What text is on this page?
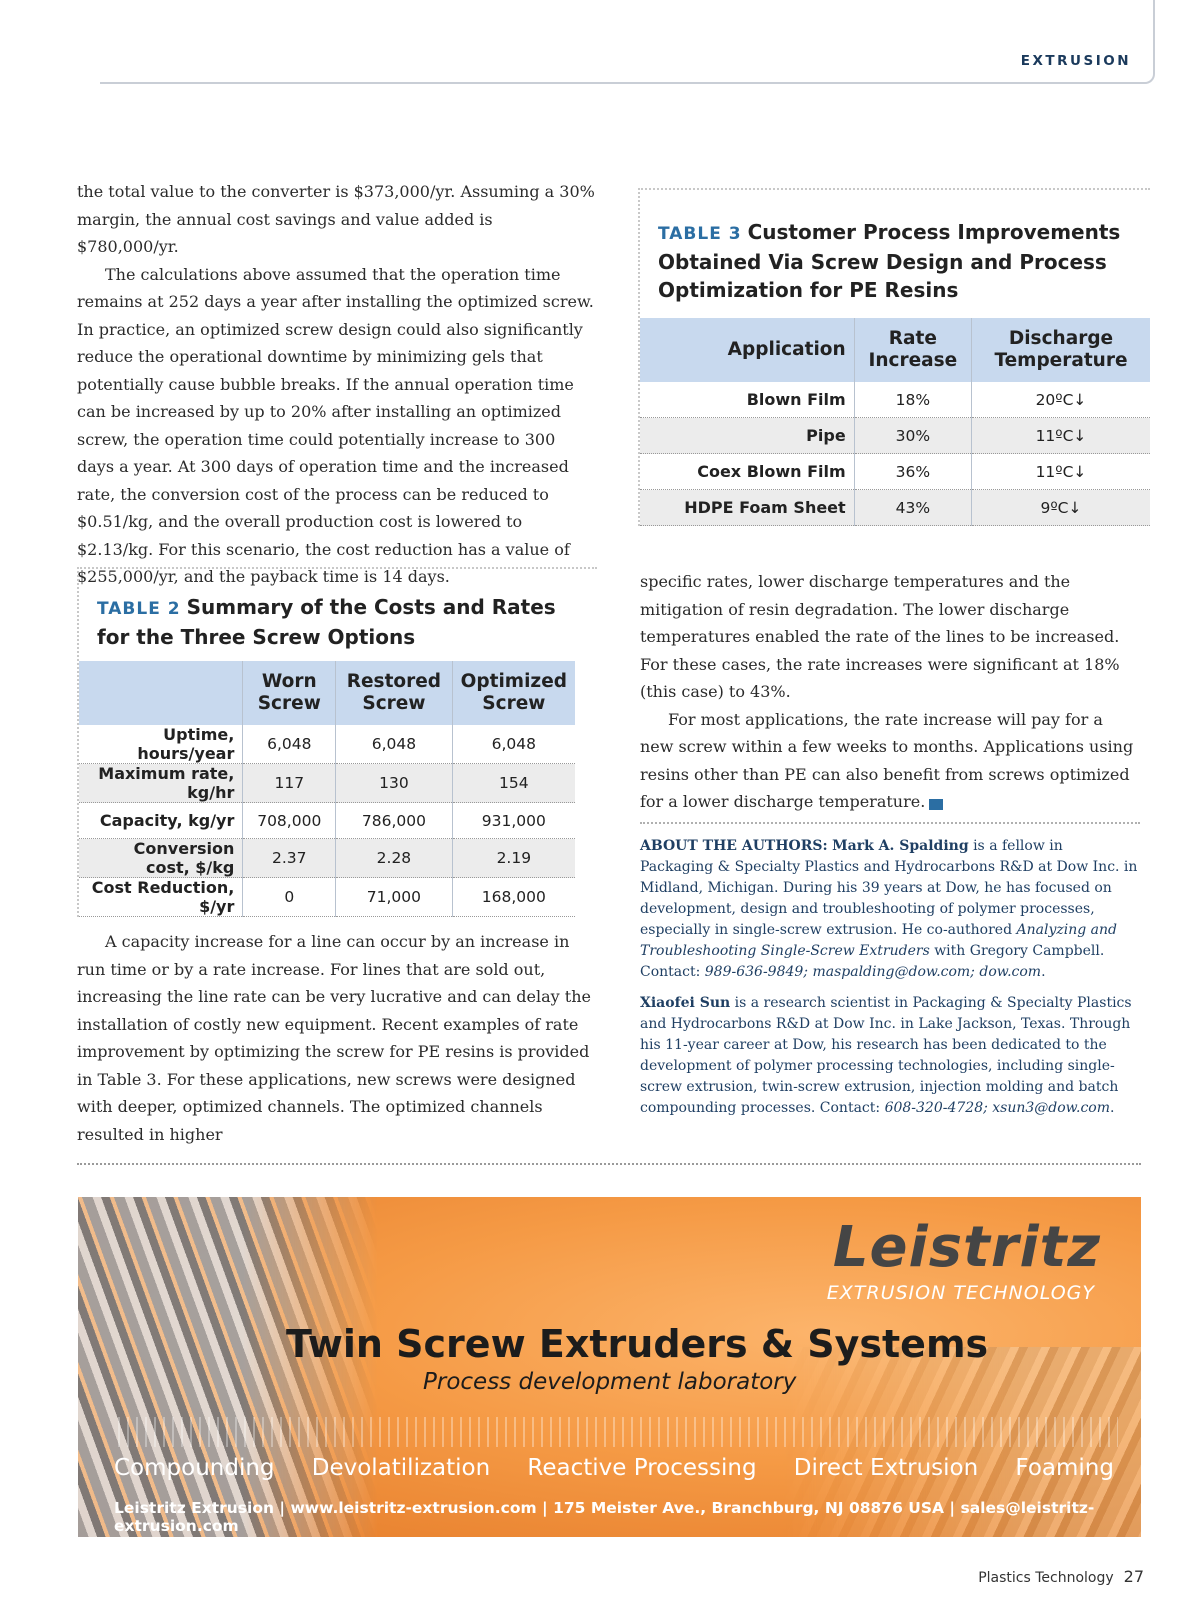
EXTRUSION

the total value to the converter is $373,000/yr. Assuming a 30% margin, the annual cost savings and value added is $780,000/yr.

The calculations above assumed that the operation time remains at 252 days a year after installing the optimized screw. In practice, an optimized screw design could also significantly reduce the operational downtime by minimizing gels that potentially cause bubble breaks. If the annual operation time can be increased by up to 20% after installing an optimized screw, the operation time could potentially increase to 300 days a year. At 300 days of operation time and the increased rate, the conversion cost of the process can be reduced to $0.51/kg, and the overall production cost is lowered to $2.13/kg. For this scenario, the cost reduction has a value of $255,000/yr, and the payback time is 14 days.

TABLE 3 Customer Process Improvements Obtained Via Screw Design and Process Optimization for PE Resins
Application	Rate Increase	Discharge Temperature
Blown Film	18%	20ºC↓
Pipe	30%	11ºC↓
Coex Blown Film	36%	11ºC↓
HDPE Foam Sheet	43%	9ºC↓
TABLE 2 Summary of the Costs and Rates for the Three Screw Options
	Worn Screw	Restored Screw	Optimized Screw
Uptime, hours/year	6,048	6,048	6,048
Maximum rate, kg/hr	117	130	154
Capacity, kg/yr	708,000	786,000	931,000
Conversion cost, $/kg	2.37	2.28	2.19
Cost Reduction, $/yr	0	71,000	168,000

specific rates, lower discharge temperatures and the mitigation of resin degradation. The lower discharge temperatures enabled the rate of the lines to be increased. For these cases, the rate increases were significant at 18% (this case) to 43%.

For most applications, the rate increase will pay for a new screw within a few weeks to months. Applications using resins other than PE can also benefit from screws optimized for a lower discharge temperature.	PT

ABOUT THE AUTHORS: Mark A. Spalding is a fellow in Packaging & Specialty Plastics and Hydrocarbons R&D at Dow Inc. in Midland, Michigan. During his 39 years at Dow, he has focused on development, design and troubleshooting of polymer processes, especially in single-screw extrusion. He co-authored Analyzing and Troubleshooting Single-Screw Extruders with Gregory Campbell. Contact: 989-636-9849; maspalding@dow.com; dow.com.

Xiaofei Sun is a research scientist in Packaging & Specialty Plastics and Hydrocarbons R&D at Dow Inc. in Lake Jackson, Texas. Through his 11-year career at Dow, his research has been dedicated to the development of polymer processing technologies, including single-screw extrusion, twin-screw extrusion, injection molding and batch compounding processes. Contact: 608-320-4728; xsun3@dow.com.

A capacity increase for a line can occur by an increase in run time or by a rate increase. For lines that are sold out, increasing the line rate can be very lucrative and can delay the installation of costly new equipment. Recent examples of rate improvement by optimizing the screw for PE resins is provided in Table 3. For these applications, new screws were designed with deeper, optimized channels. The optimized channels resulted in higher

Leistritz
EXTRUSION TECHNOLOGY
Twin Screw Extruders & Systems
Process development laboratory
Compounding Devolatilization Reactive Processing Direct Extrusion Foaming
Leistritz Extrusion | www.leistritz-extrusion.com | 175 Meister Ave., Branchburg, NJ 08876 USA | sales@leistritz-extrusion.com
Plastics Technology 27
